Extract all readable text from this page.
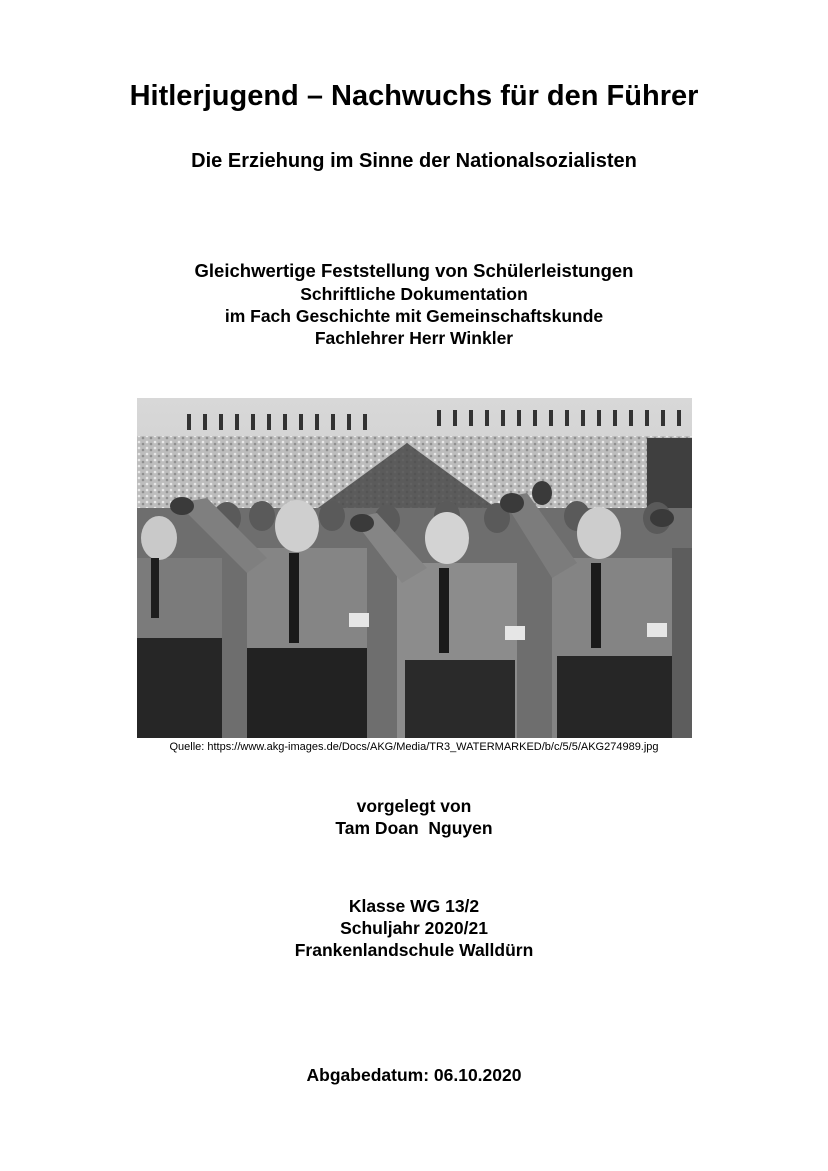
Hitlerjugend – Nachwuchs für den Führer
Die Erziehung im Sinne der Nationalsozialisten
Gleichwertige Feststellung von Schülerleistungen
Schriftliche Dokumentation
im Fach Geschichte mit Gemeinschaftskunde
Fachlehrer Herr Winkler
Quelle: https://www.akg-images.de/Docs/AKG/Media/TR3_WATERMARKED/b/c/5/5/AKG274989.jpg
vorgelegt von
Tam Doan  Nguyen
Klasse WG 13/2
Schuljahr 2020/21
Frankenlandschule Walldürn
Abgabedatum: 06.10.2020
